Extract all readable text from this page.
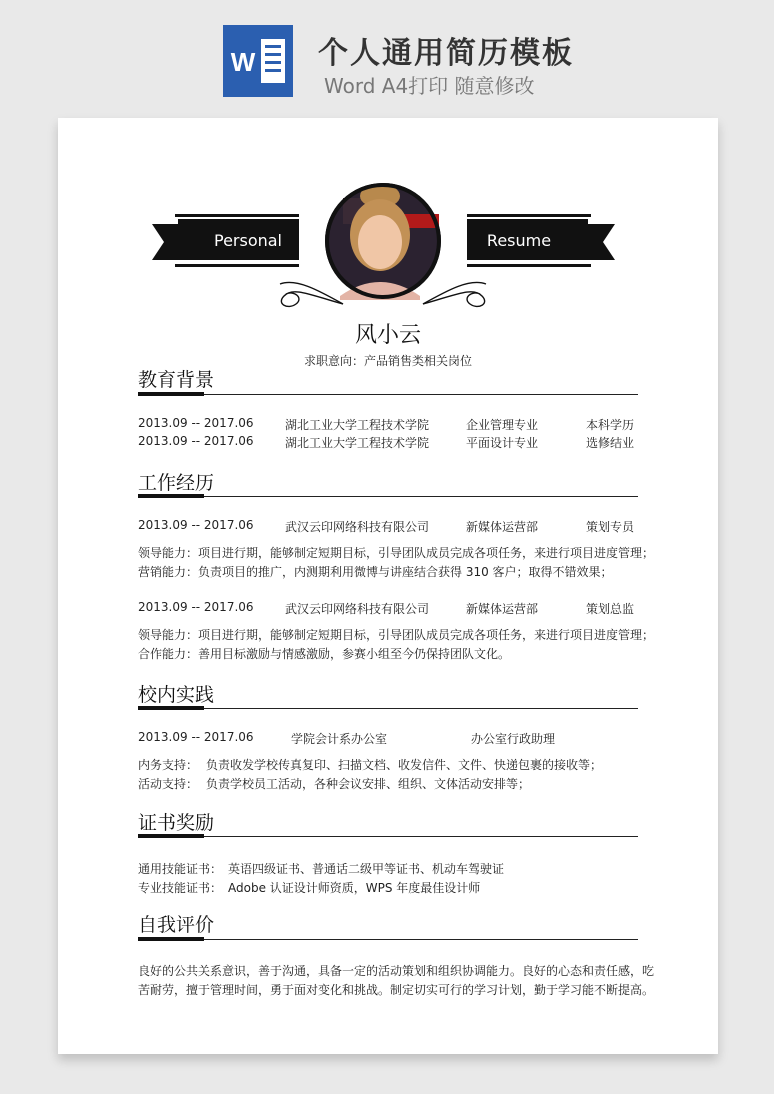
W 个人通用简历模板
Word A4打印 随意修改
Personal	Resume
风小云
求职意向：产品销售类相关岗位
教育背景
2013.09 -- 2017.06	湖北工业大学工程技术学院	企业管理专业	本科学历
2013.09 -- 2017.06	湖北工业大学工程技术学院	平面设计专业	选修结业
工作经历
2013.09 -- 2017.06	武汉云印网络科技有限公司	新媒体运营部	策划专员
领导能力：项目进行期，能够制定短期目标，引导团队成员完成各项任务，来进行项目进度管理；
营销能力：负责项目的推广，内测期利用微博与讲座结合获得 310 客户；取得不错效果；
2013.09 -- 2017.06	武汉云印网络科技有限公司	新媒体运营部	策划总监
领导能力：项目进行期，能够制定短期目标，引导团队成员完成各项任务，来进行项目进度管理；
合作能力：善用目标激励与情感激励，参赛小组至今仍保持团队文化。
校内实践
2013.09 -- 2017.06	学院会计系办公室	办公室行政助理
内务支持： 负责收发学校传真复印、扫描文档、收发信件、文件、快递包裹的接收等；
活动支持： 负责学校员工活动，各种会议安排、组织、文体活动安排等；
证书奖励
通用技能证书： 英语四级证书、普通话二级甲等证书、机动车驾驶证
专业技能证书： Adobe 认证设计师资质，WPS 年度最佳设计师
自我评价
良好的公共关系意识，善于沟通，具备一定的活动策划和组织协调能力。良好的心态和责任感，吃
苦耐劳，擅于管理时间，勇于面对变化和挑战。制定切实可行的学习计划，勤于学习能不断提高。
